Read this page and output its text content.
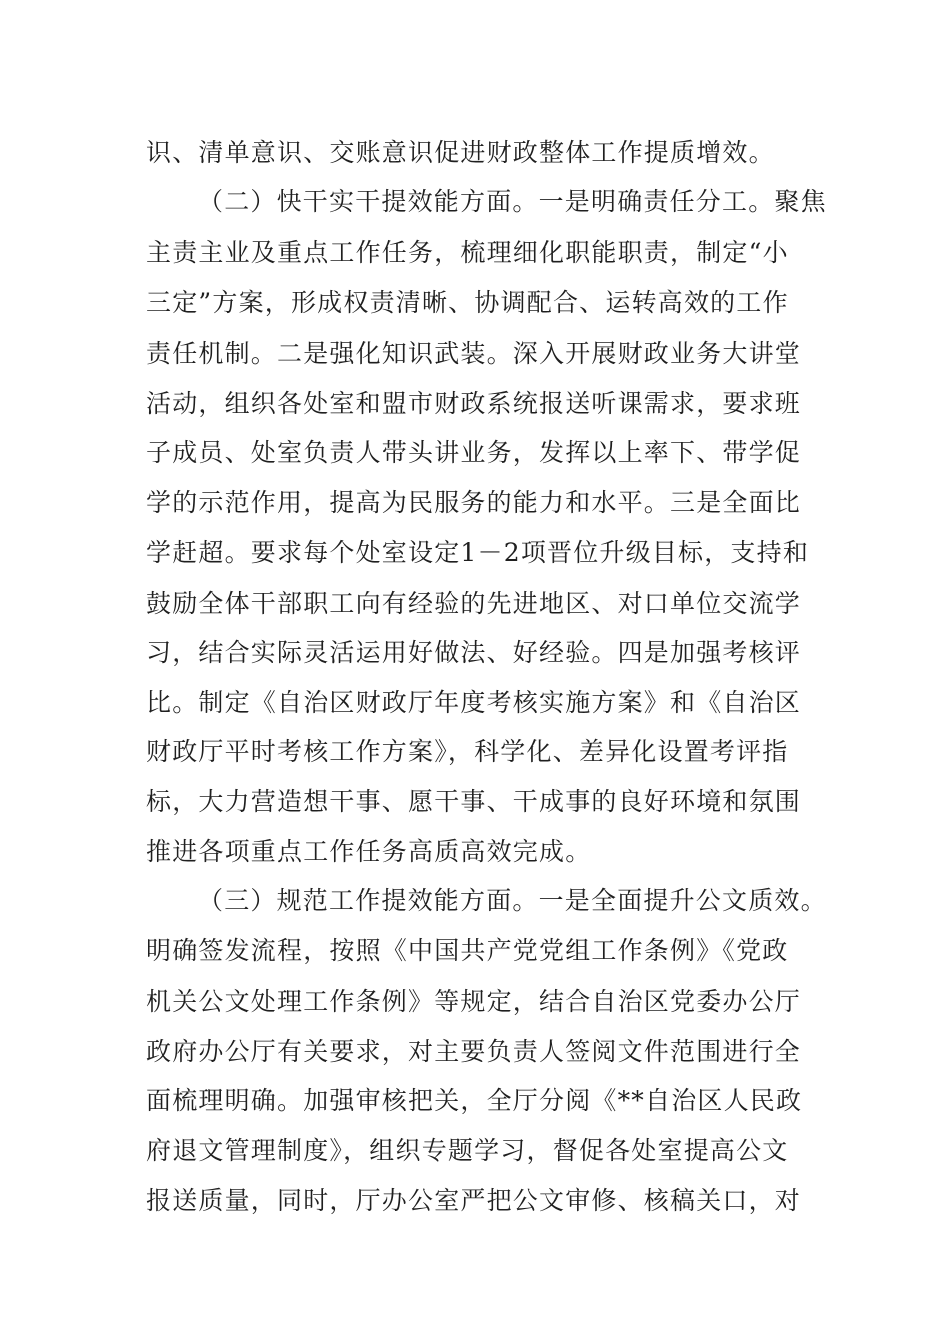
识、清单意识、交账意识促进财政整体工作提质增效。
（二）快干实干提效能方面。一是明确责任分工。聚焦
主责主业及重点工作任务，梳理细化职能职责，制定“小
三定”方案，形成权责清晰、协调配合、运转高效的工作
责任机制。二是强化知识武装。深入开展财政业务大讲堂
活动，组织各处室和盟市财政系统报送听课需求，要求班
子成员、处室负责人带头讲业务，发挥以上率下、带学促
学的示范作用，提高为民服务的能力和水平。三是全面比
学赶超。要求每个处室设定1－2项晋位升级目标，支持和
鼓励全体干部职工向有经验的先进地区、对口单位交流学
习，结合实际灵活运用好做法、好经验。四是加强考核评
比。制定《自治区财政厅年度考核实施方案》和《自治区
财政厅平时考核工作方案》，科学化、差异化设置考评指
标，大力营造想干事、愿干事、干成事的良好环境和氛围
推进各项重点工作任务高质高效完成。
（三）规范工作提效能方面。一是全面提升公文质效。
明确签发流程，按照《中国共产党党组工作条例》《党政
机关公文处理工作条例》等规定，结合自治区党委办公厅
政府办公厅有关要求，对主要负责人签阅文件范围进行全
面梳理明确。加强审核把关，全厅分阅《**自治区人民政
府退文管理制度》，组织专题学习，督促各处室提高公文
报送质量，同时，厅办公室严把公文审修、核稿关口，对
